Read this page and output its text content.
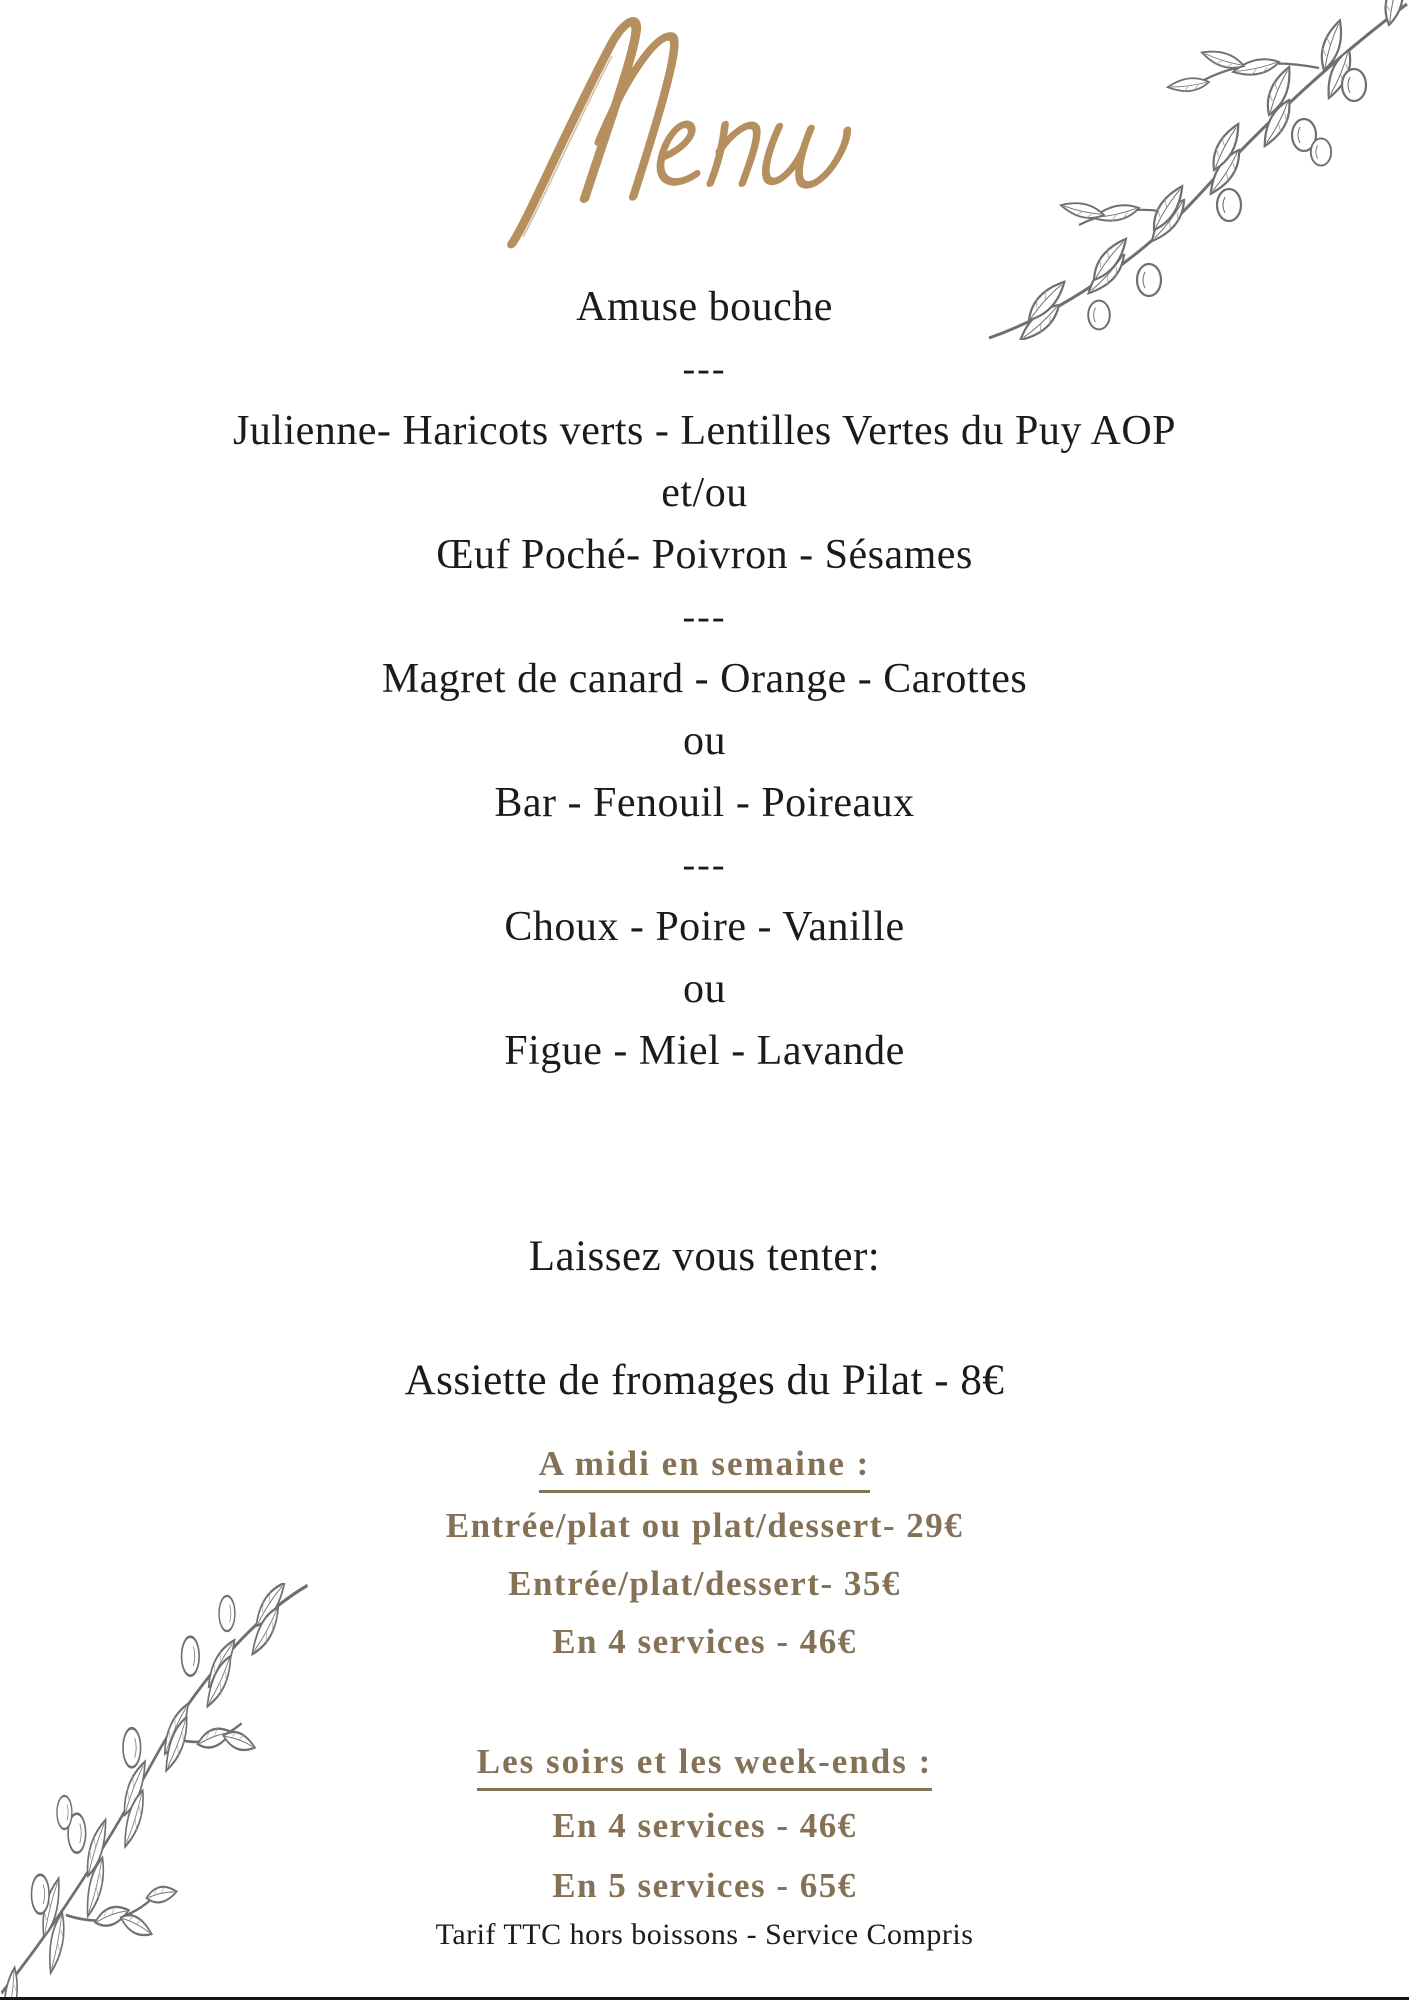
Amuse bouche
---
Julienne- Haricots verts - Lentilles Vertes du Puy AOP
et/ou
Œuf Poché- Poivron - Sésames
---
Magret de canard - Orange - Carottes
ou
Bar - Fenouil - Poireaux
---
Choux - Poire - Vanille
ou
Figue - Miel - Lavande
Laissez vous tenter:
Assiette de fromages du Pilat - 8€
A midi en semaine :
Entrée/plat ou plat/dessert- 29€
Entrée/plat/dessert- 35€
En 4 services - 46€
Les soirs et les week-ends :
En 4 services - 46€
En 5 services - 65€
Tarif TTC hors boissons - Service Compris
